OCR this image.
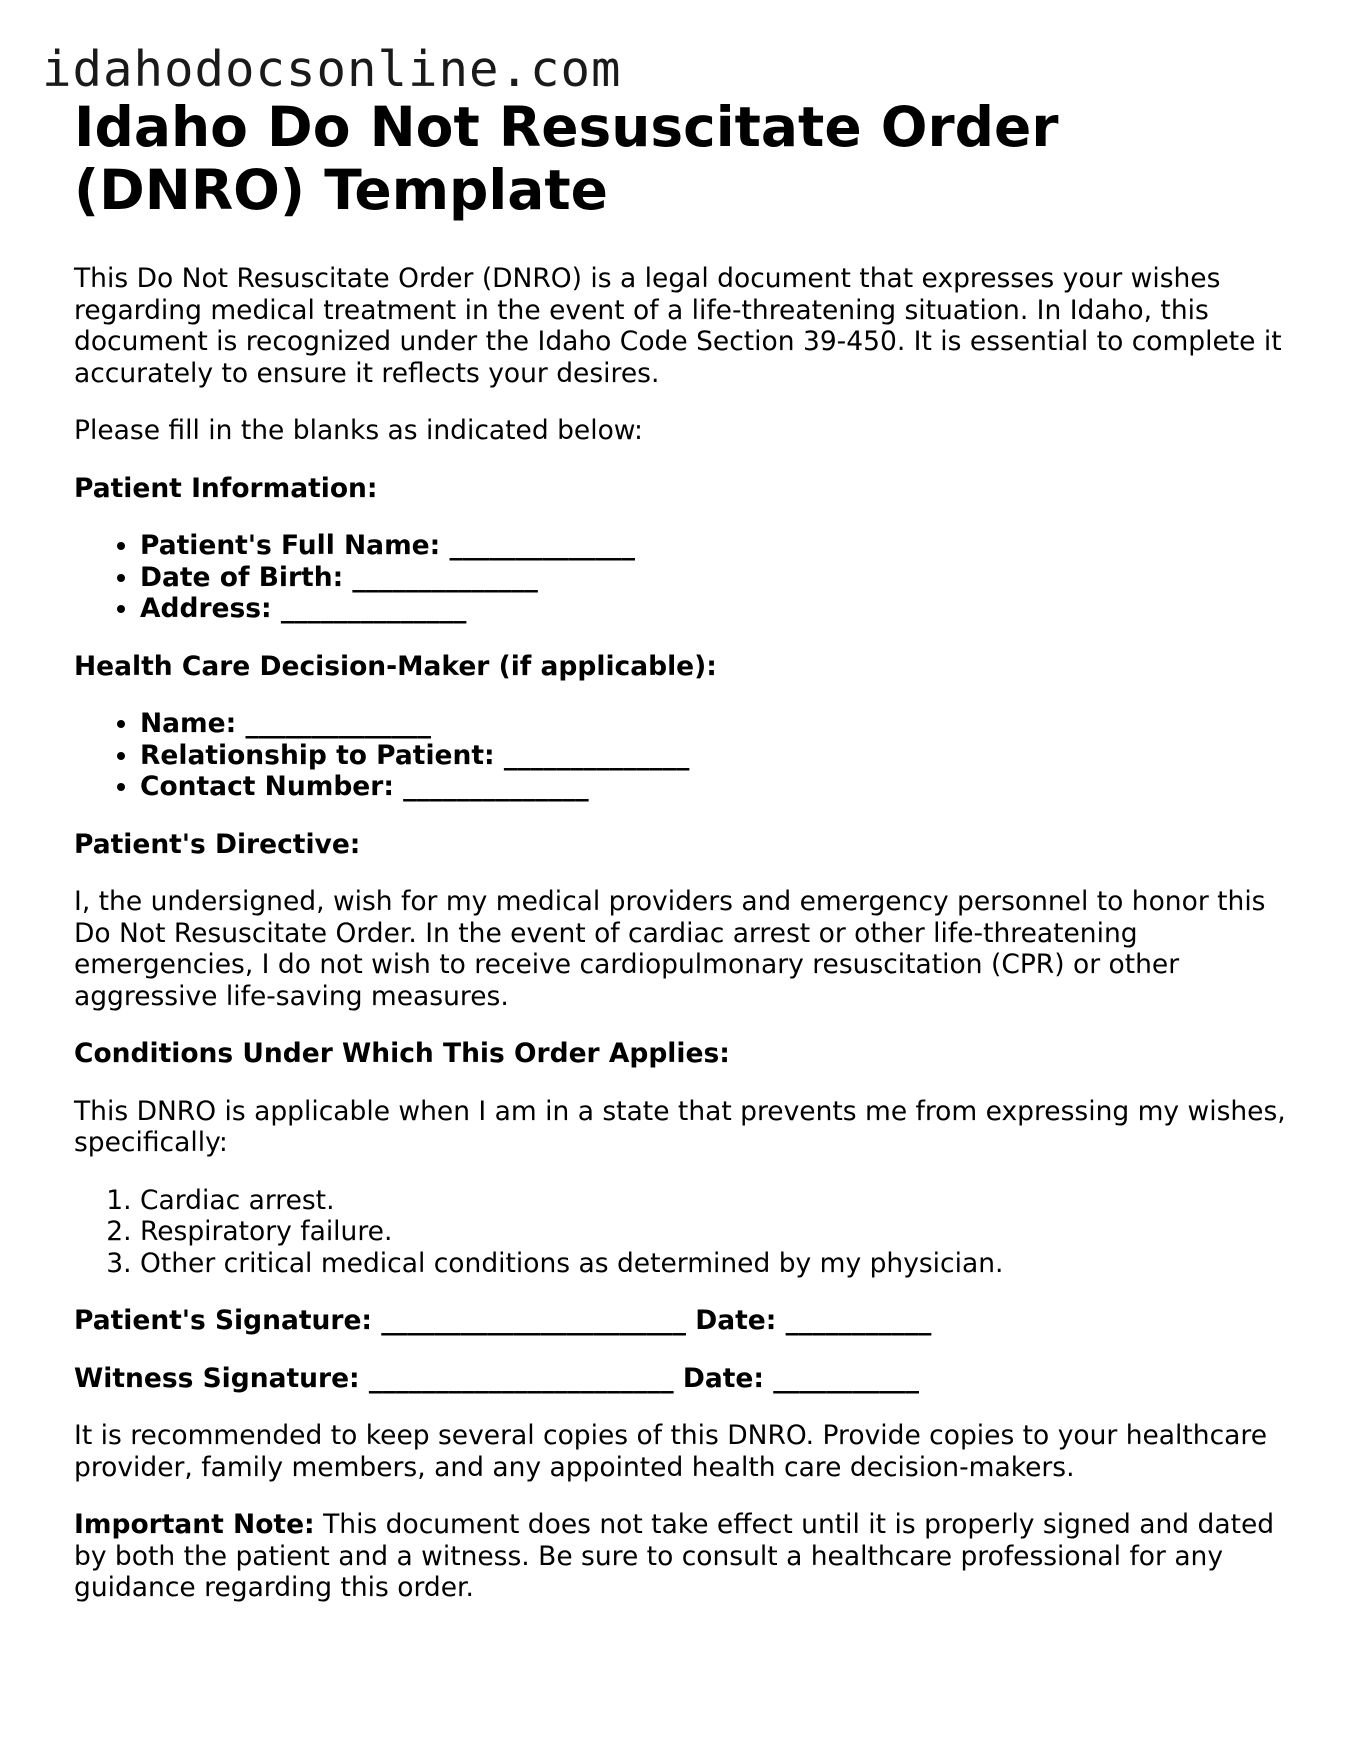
idahodocsonline.com
Idaho Do Not Resuscitate Order (DNRO) Template

This Do Not Resuscitate Order (DNRO) is a legal document that expresses your wishes regarding medical treatment in the event of a life-threatening situation. In Idaho, this document is recognized under the Idaho Code Section 39-450. It is essential to complete it accurately to ensure it reflects your desires.

Please fill in the blanks as indicated below:

Patient Information:

• Patient's Full Name: ______________
• Date of Birth: ______________
• Address: ______________

Health Care Decision-Maker (if applicable):

• Name: ______________
• Relationship to Patient: ______________
• Contact Number: ______________

Patient's Directive:

I, the undersigned, wish for my medical providers and emergency personnel to honor this Do Not Resuscitate Order. In the event of cardiac arrest or other life-threatening emergencies, I do not wish to receive cardiopulmonary resuscitation (CPR) or other aggressive life-saving measures.

Conditions Under Which This Order Applies:

This DNRO is applicable when I am in a state that prevents me from expressing my wishes, specifically:

1. Cardiac arrest.
2. Respiratory failure.
3. Other critical medical conditions as determined by my physician.

Patient's Signature: _______________________ Date: ___________

Witness Signature: _______________________ Date: ___________

It is recommended to keep several copies of this DNRO. Provide copies to your healthcare provider, family members, and any appointed health care decision-makers.

Important Note: This document does not take effect until it is properly signed and dated by both the patient and a witness. Be sure to consult a healthcare professional for any guidance regarding this order.
